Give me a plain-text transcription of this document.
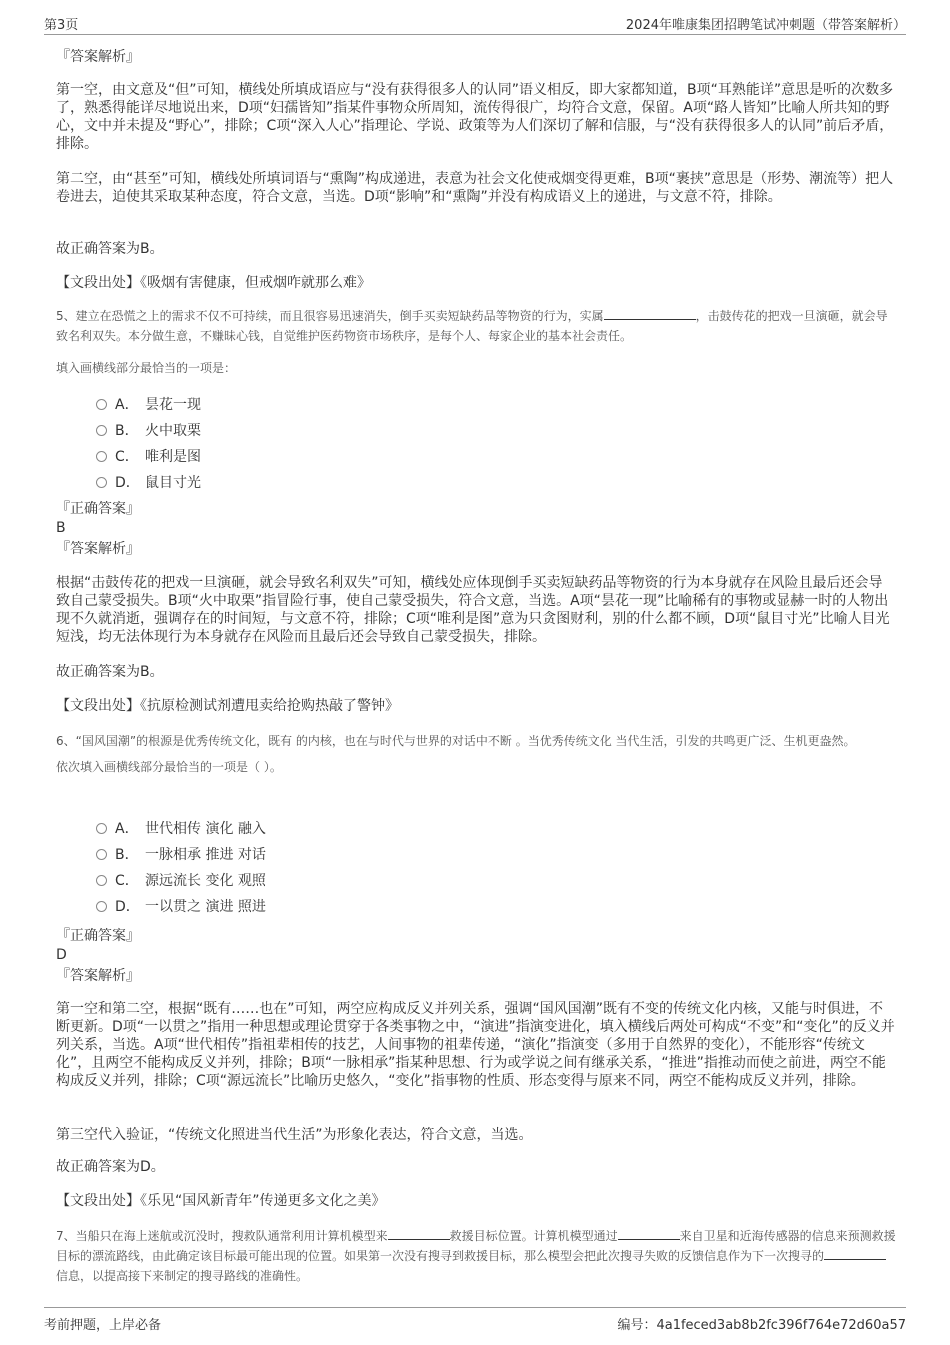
第3页	2024年唯康集团招聘笔试冲刺题（带答案解析）
『答案解析』

第一空，由文意及“但”可知，横线处所填成语应与“没有获得很多人的认同”语义相反，即大家都知道，B项“耳熟能详”意思是听的次数多了，熟悉得能详尽地说出来，D项“妇孺皆知”指某件事物众所周知，流传得很广，均符合文意，保留。A项“路人皆知”比喻人所共知的野心，文中并未提及“野心”，排除；C项“深入人心”指理论、学说、政策等为人们深切了解和信服，与“没有获得很多人的认同”前后矛盾，排除。

第二空，由“甚至”可知，横线处所填词语与“熏陶”构成递进，表意为社会文化使戒烟变得更难，B项“裹挟”意思是（形势、潮流等）把人卷进去，迫使其采取某种态度，符合文意，当选。D项“影响”和“熏陶”并没有构成语义上的递进，与文意不符，排除。

故正确答案为B。
【文段出处】《吸烟有害健康，但戒烟咋就那么难》
5、建立在恐慌之上的需求不仅不可持续，而且很容易迅速消失，倒手买卖短缺药品等物资的行为，实属	，击鼓传花的把戏一旦演砸，就会导致名利双失。本分做生意，不赚昧心钱，自觉维护医药物资市场秩序，是每个人、每家企业的基本社会责任。
填入画横线部分最恰当的一项是：
A． 昙花一现
B． 火中取栗
C． 唯利是图
D． 鼠目寸光
『正确答案』
B
『答案解析』

根据“击鼓传花的把戏一旦演砸，就会导致名利双失”可知，横线处应体现倒手买卖短缺药品等物资的行为本身就存在风险且最后还会导致自己蒙受损失。B项“火中取栗”指冒险行事，使自己蒙受损失，符合文意，当选。A项“昙花一现”比喻稀有的事物或显赫一时的人物出现不久就消逝，强调存在的时间短，与文意不符，排除；C项“唯利是图”意为只贪图财利，别的什么都不顾，D项“鼠目寸光”比喻人目光短浅，均无法体现行为本身就存在风险而且最后还会导致自己蒙受损失，排除。

故正确答案为B。
【文段出处】《抗原检测试剂遭甩卖给抢购热敲了警钟》
6、“国风国潮”的根源是优秀传统文化，既有 的内核，也在与时代与世界的对话中不断 。当优秀传统文化 当代生活，引发的共鸣更广泛、生机更盎然。
依次填入画横线部分最恰当的一项是（ ）。
A． 世代相传 演化 融入
B． 一脉相承 推进 对话
C． 源远流长 变化 观照
D． 一以贯之 演进 照进
『正确答案』
D
『答案解析』

第一空和第二空，根据“既有……也在”可知，两空应构成反义并列关系，强调“国风国潮”既有不变的传统文化内核，又能与时俱进，不断更新。D项“一以贯之”指用一种思想或理论贯穿于各类事物之中，“演进”指演变进化，填入横线后两处可构成“不变”和“变化”的反义并列关系，当选。A项“世代相传”指祖辈相传的技艺，人间事物的祖辈传递，“演化”指演变（多用于自然界的变化），不能形容“传统文化”，且两空不能构成反义并列，排除；B项“一脉相承”指某种思想、行为或学说之间有继承关系，“推进”指推动而使之前进，两空不能构成反义并列，排除；C项“源远流长”比喻历史悠久，“变化”指事物的性质、形态变得与原来不同，两空不能构成反义并列，排除。

第三空代入验证，“传统文化照进当代生活”为形象化表达，符合文意，当选。
故正确答案为D。
【文段出处】《乐见“国风新青年”传递更多文化之美》
7、当船只在海上迷航或沉没时，搜救队通常利用计算机模型来	救援目标位置。计算机模型通过	来自卫星和近海传感器的信息来预测救援目标的漂流路线，由此确定该目标最可能出现的位置。如果第一次没有搜寻到救援目标，那么模型会把此次搜寻失败的反馈信息作为下一次搜寻的信息，以提高接下来制定的搜寻路线的准确性。
考前押题，上岸必备	编号：4a1feced3ab8b2fc396f764e72d60a57
